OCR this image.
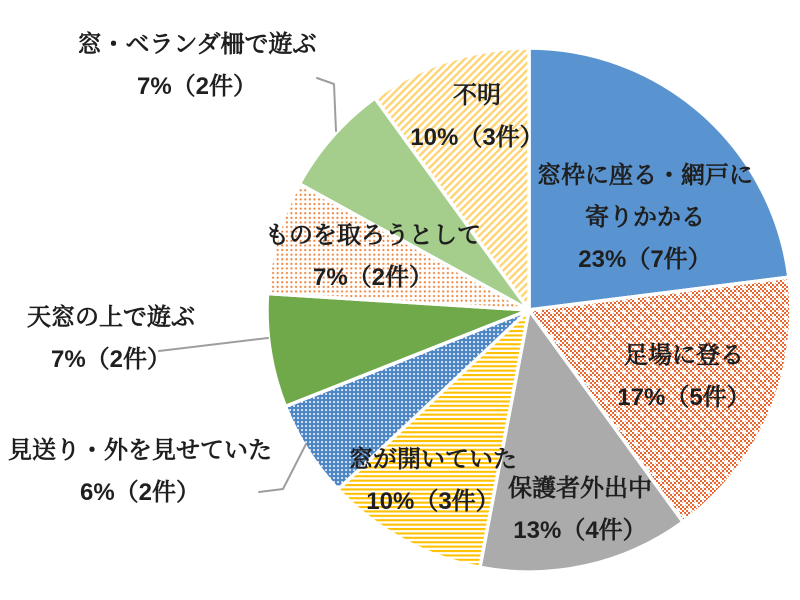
窓枠に座る・網戸に
寄りかかる
23%（7件）
足場に登る
17%（5件）
保護者外出中
13%（4件）
窓が開いていた
10%（3件）
見送り・外を見せていた
6%（2件）
天窓の上で遊ぶ
7%（2件）
ものを取ろうとして
7%（2件）
窓・ベランダ柵で遊ぶ
7%（2件）	不明
10%（3件）
